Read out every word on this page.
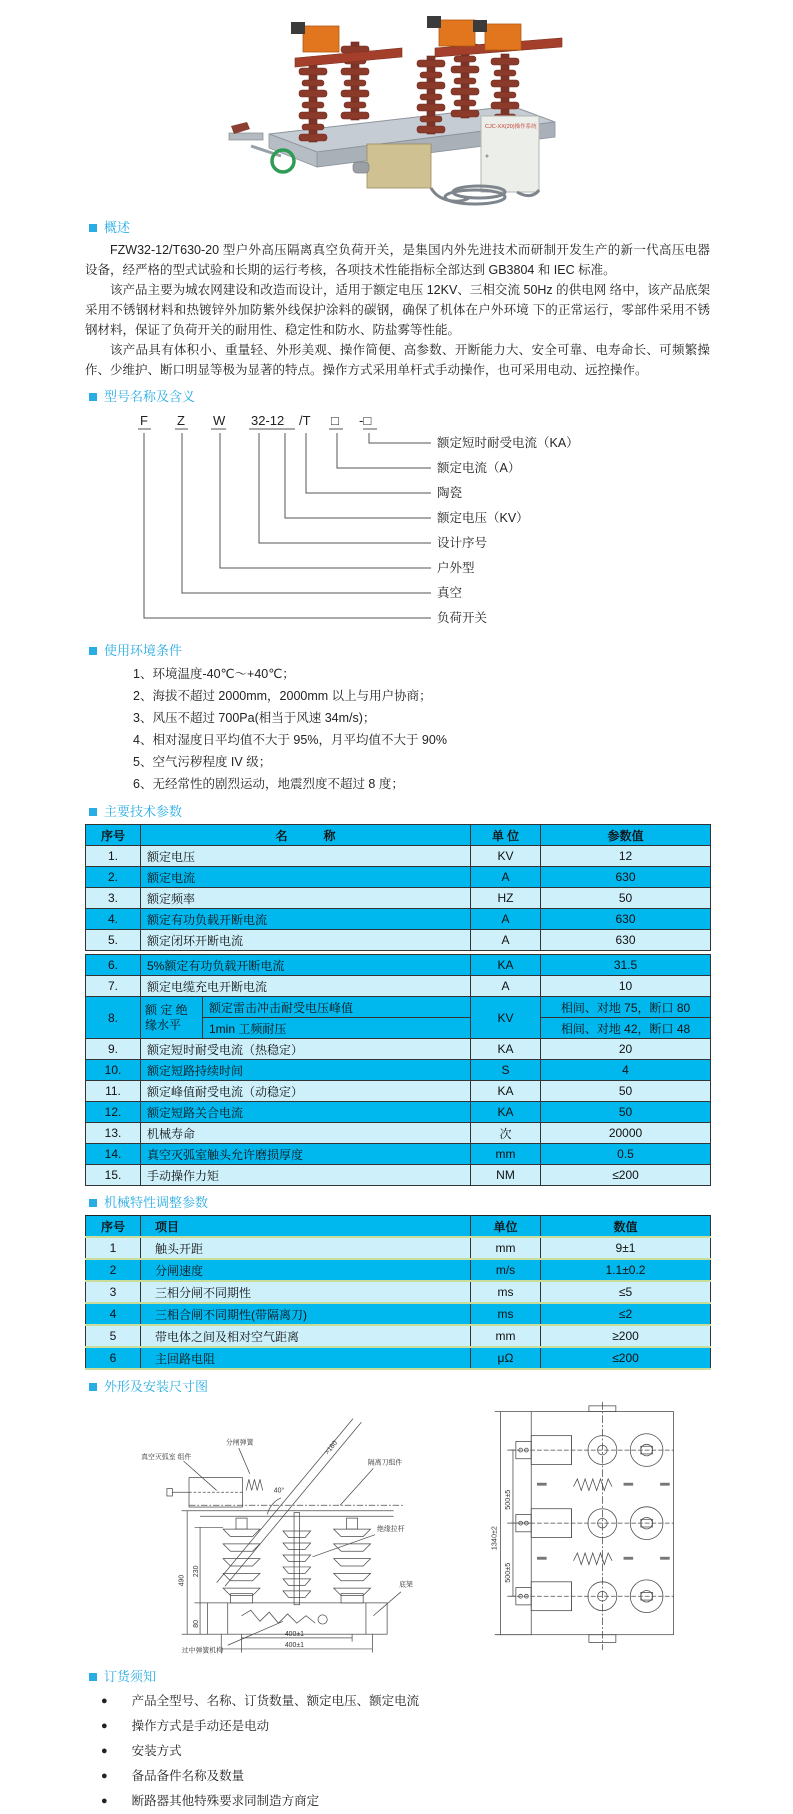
CJC-XX(20)操作系统
概述

FZW32-12/T630-20 型户外高压隔离真空负荷开关，是集国内外先进技术而研制开发生产的新一代高压电器设备，经严格的型式试验和长期的运行考核，各项技术性能指标全部达到 GB3804 和 IEC 标准。

该产品主要为城农网建设和改造而设计，适用于额定电压 12KV、三相交流 50Hz 的供电网 络中，该产品底架采用不锈钢材料和热镀锌外加防紫外线保护涂料的碳钢，确保了机体在户外环境 下的正常运行，零部件采用不锈钢材料，保证了负荷开关的耐用性、稳定性和防水、防盐雾等性能。

该产品具有体积小、重量轻、外形美观、操作简便、高参数、开断能力大、安全可靠、电寿命长、可频繁操作、少维护、断口明显等极为显著的特点。操作方式采用单杆式手动操作，也可采用电动、远控操作。

型号名称及含义
F Z W 32-12 /T □ -□
额定短时耐受电流（KA）
额定电流（A）
陶瓷
额定电压（KV）
设计序号
户外型
真空
负荷开关
使用环境条件
1、环境温度-40℃～+40℃；
2、海拔不超过 2000mm，2000mm 以上与用户协商；
3、风压不超过 700Pa(相当于风速 34m/s)；
4、相对湿度日平均值不大于 95%，月平均值不大于 90%
5、空气污秽程度 IV 级；
6、无经常性的剧烈运动，地震烈度不超过 8 度；
主要技术参数
序号	名　　　称	单 位	参数值
1.	额定电压	KV	12
2.	额定电流	A	630
3.	额定频率	HZ	50
4.	额定有功负载开断电流	A	630
5.	额定闭环开断电流	A	630
6.	5%额定有功负载开断电流		KA	31.5
7.	额定电缆充电开断电流		A	10
8.	额 定 绝 缘水平	额定雷击冲击耐受电压峰值	KV	相间、对地 75，断口 80
		1min 工频耐压		相间、对地 42，断口 48
9.	额定短时耐受电流（热稳定）		KA	20
10.	额定短路持续时间		S	4
11.	额定峰值耐受电流（动稳定）		KA	50
12.	额定短路关合电流		KA	50
13.	机械寿命		次	20000
14.	真空灭弧室触头允许磨损厚度		mm	0.5
15.	手动操作力矩		NM	≤200
机械特性调整参数
序号	项目	单位	数值
1	触头开距	mm	9±1
2	分闸速度	m/s	1.1±0.2
3	三相分闸不同期性	ms	≤5
4	三相合闸不同期性(带隔离刀)	ms	≤2
5	带电体之间及相对空气距离	mm	≥200
6	主回路电阻	μΩ	≤200
外形及安装尺寸图
真空灭弧室 组件
分闸弹簧
隔离刀组件
绝缘拉杆
底架
过中弹簧机构
40°
>180
490
230
80
400±1
400±1
1340±2
500±5
500±5
订货须知
● 产品全型号、名称、订货数量、额定电压、额定电流
● 操作方式是手动还是电动
● 安装方式
● 备品备件名称及数量
● 断路器其他特殊要求同制造方商定
